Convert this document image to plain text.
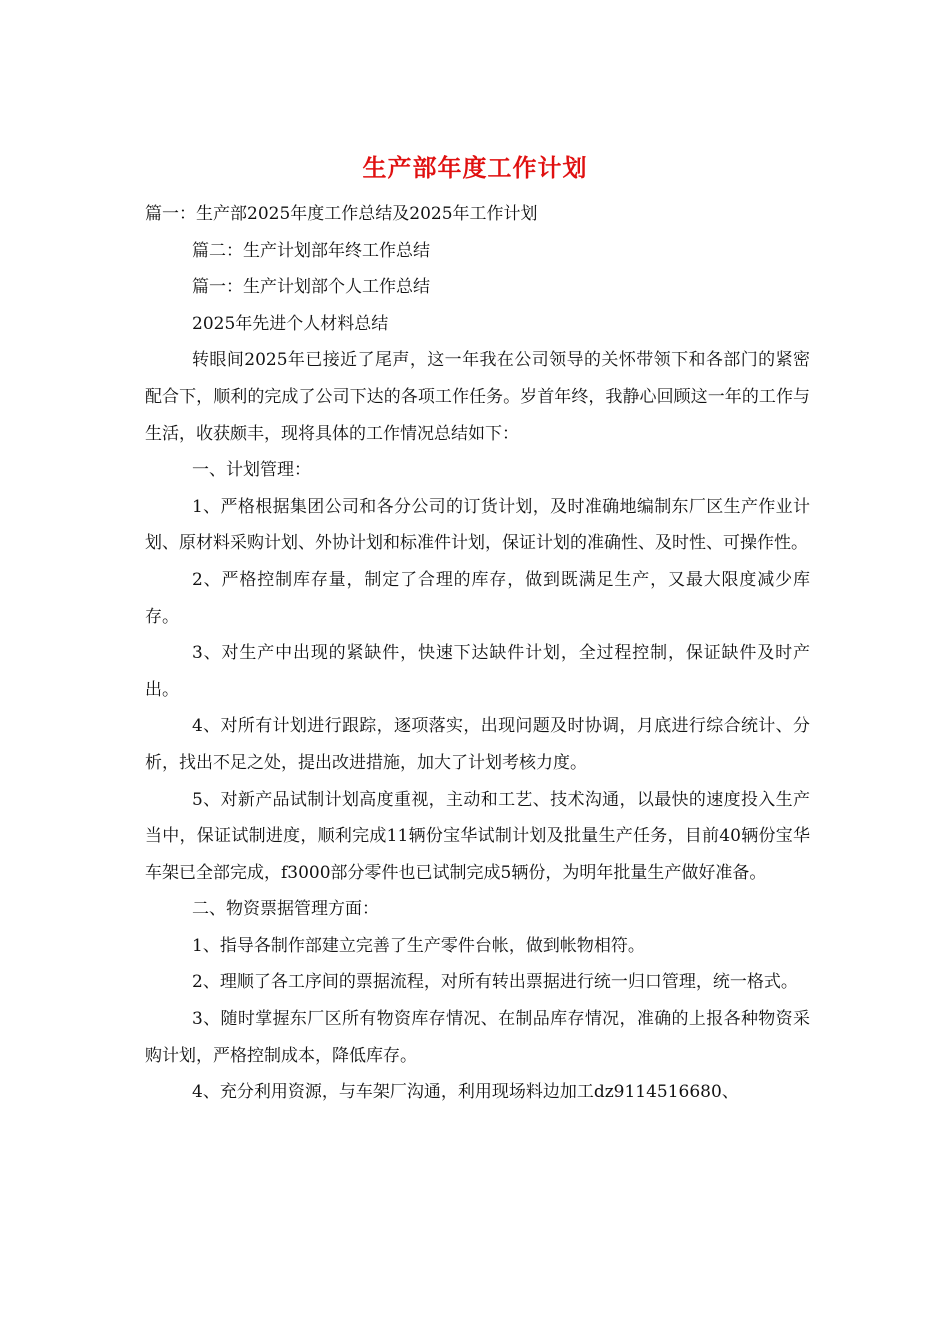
生产部年度工作计划

篇一：生产部2025年度工作总结及2025年工作计划

篇二：生产计划部年终工作总结

篇一：生产计划部个人工作总结

2025年先进个人材料总结

转眼间2025年已接近了尾声，这一年我在公司领导的关怀带领下和各部门的紧密配合下，顺利的完成了公司下达的各项工作任务。岁首年终，我静心回顾这一年的工作与生活，收获颇丰，现将具体的工作情况总结如下：

一、计划管理：

1、严格根据集团公司和各分公司的订货计划，及时准确地编制东厂区生产作业计划、原材料采购计划、外协计划和标准件计划，保证计划的准确性、及时性、可操作性。

2、严格控制库存量，制定了合理的库存，做到既满足生产，又最大限度减少库存。

3、对生产中出现的紧缺件，快速下达缺件计划，全过程控制，保证缺件及时产出。

4、对所有计划进行跟踪，逐项落实，出现问题及时协调，月底进行综合统计、分析，找出不足之处，提出改进措施，加大了计划考核力度。

5、对新产品试制计划高度重视，主动和工艺、技术沟通，以最快的速度投入生产当中，保证试制进度，顺利完成11辆份宝华试制计划及批量生产任务，目前40辆份宝华车架已全部完成，f3000部分零件也已试制完成5辆份，为明年批量生产做好准备。

二、物资票据管理方面：

1、指导各制作部建立完善了生产零件台帐，做到帐物相符。

2、理顺了各工序间的票据流程，对所有转出票据进行统一归口管理，统一格式。

3、随时掌握东厂区所有物资库存情况、在制品库存情况，准确的上报各种物资采购计划，严格控制成本，降低库存。

4、充分利用资源，与车架厂沟通，利用现场料边加工dz9114516680、
